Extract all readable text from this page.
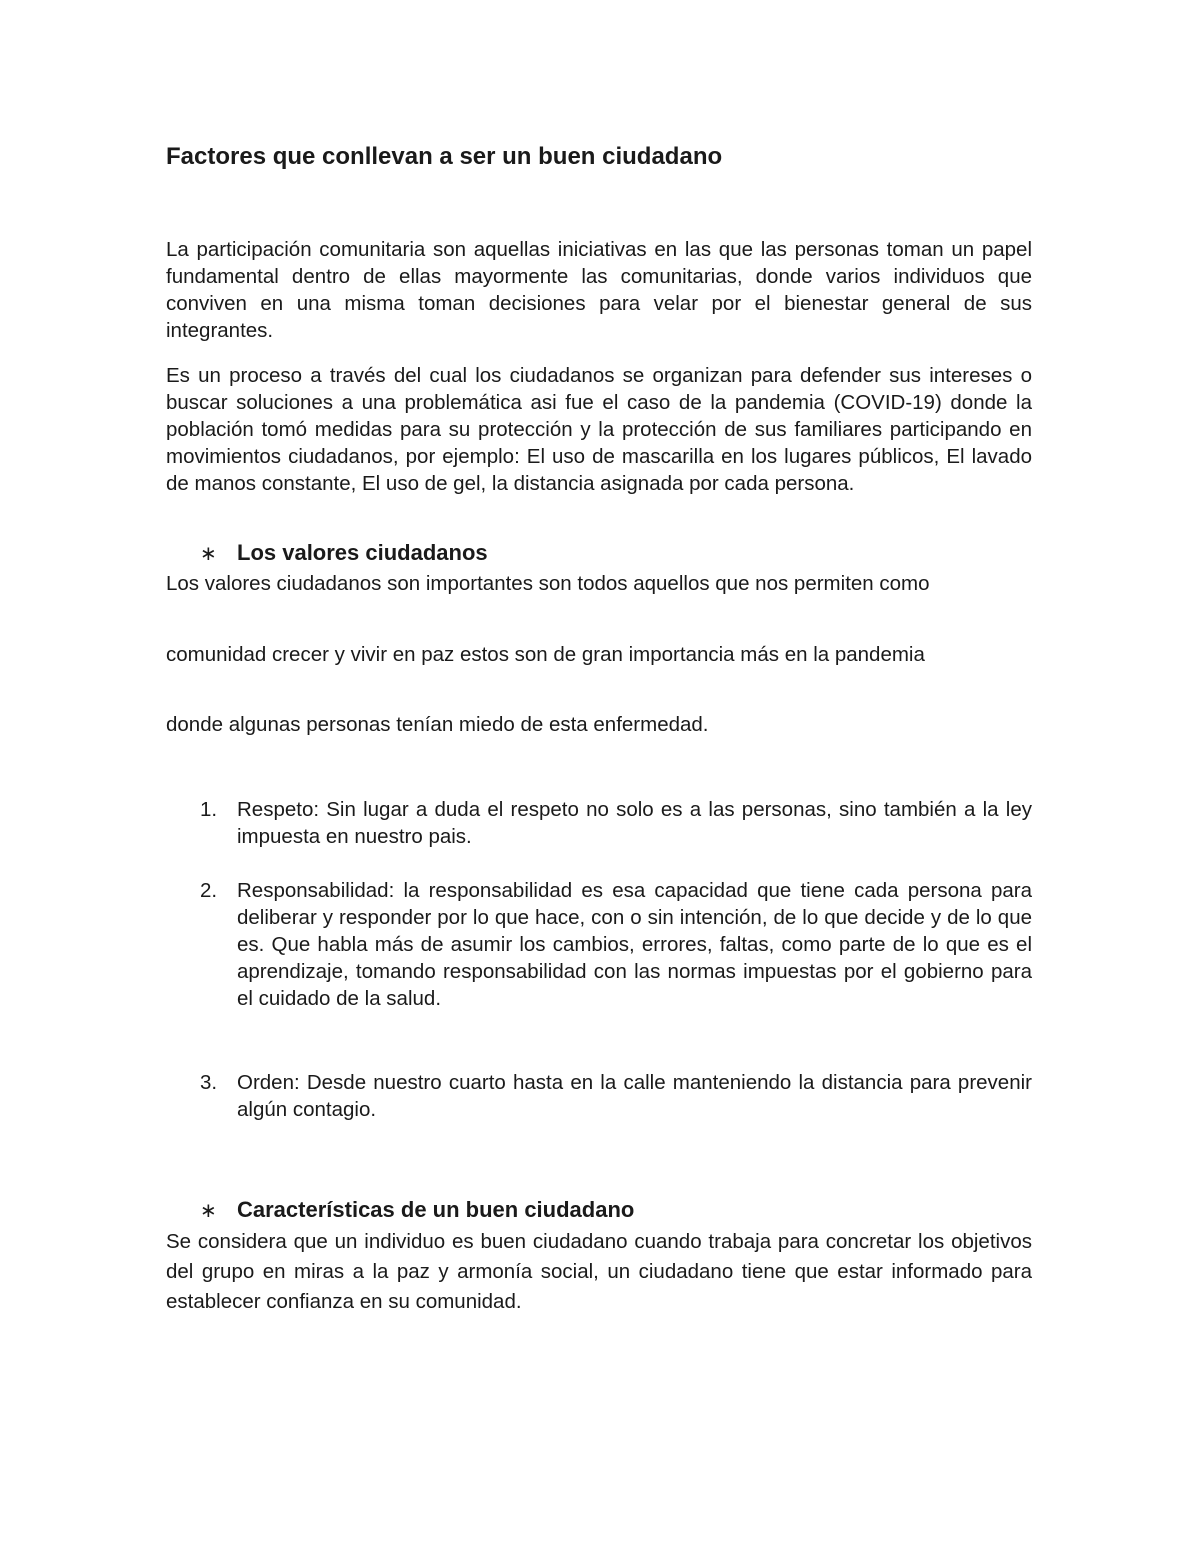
Factores que conllevan a ser un buen ciudadano

La participación comunitaria son aquellas iniciativas en las que las personas toman un papel fundamental dentro de ellas mayormente las comunitarias, donde varios individuos que conviven en una misma toman decisiones para velar por el bienestar general de sus integrantes.

Es un proceso a través del cual los ciudadanos se organizan para defender sus intereses o buscar soluciones a una problemática asi fue el caso de la pandemia (COVID-19) donde la población tomó medidas para su protección y la protección de sus familiares participando en movimientos ciudadanos, por ejemplo: El uso de mascarilla en los lugares públicos, El lavado de manos constante, El uso de gel, la distancia asignada por cada persona.

∗ Los valores ciudadanos

Los valores ciudadanos son importantes son todos aquellos que nos permiten como

comunidad crecer y vivir en paz estos son de gran importancia más en la pandemia

donde algunas personas tenían miedo de esta enfermedad.

1. Respeto: Sin lugar a duda el respeto no solo es a las personas, sino también a la ley impuesta en nuestro pais.
2. Responsabilidad: la responsabilidad es esa capacidad que tiene cada persona para deliberar y responder por lo que hace, con o sin intención, de lo que decide y de lo que es. Que habla más de asumir los cambios, errores, faltas, como parte de lo que es el aprendizaje, tomando responsabilidad con las normas impuestas por el gobierno para el cuidado de la salud.
3. Orden: Desde nuestro cuarto hasta en la calle manteniendo la distancia para prevenir algún contagio.
∗ Características de un buen ciudadano

Se considera que un individuo es buen ciudadano cuando trabaja para concretar los objetivos del grupo en miras a la paz y armonía social, un ciudadano tiene que estar informado para establecer confianza en su comunidad.
